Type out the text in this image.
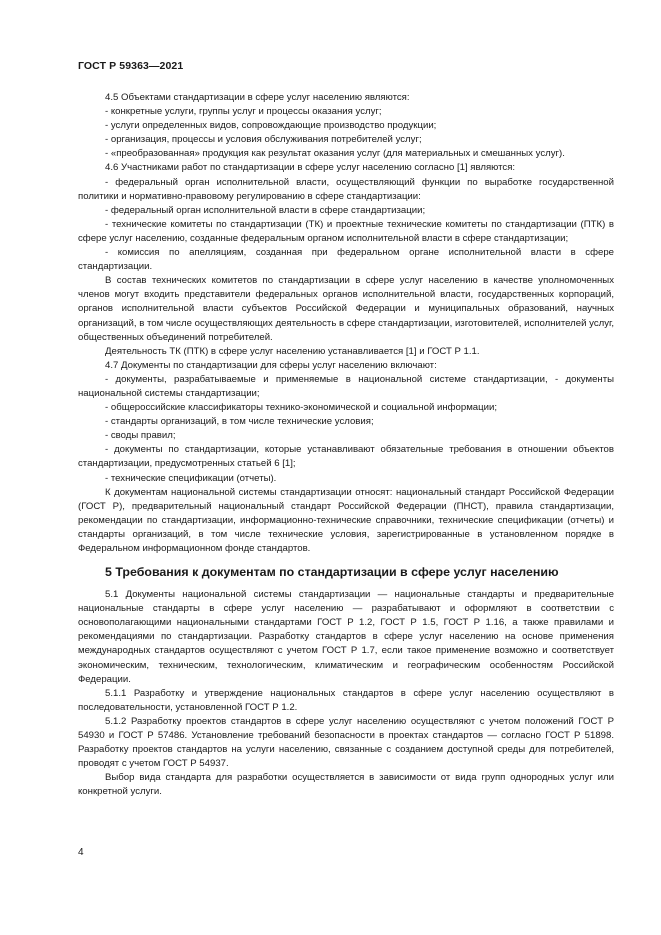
ГОСТ Р 59363—2021

4.5 Объектами стандартизации в сфере услуг населению являются:

- конкретные услуги, группы услуг и процессы оказания услуг;

- услуги определенных видов, сопровождающие производство продукции;

- организация, процессы и условия обслуживания потребителей услуг;

- «преобразованная» продукция как результат оказания услуг (для материальных и смешанных услуг).

4.6 Участниками работ по стандартизации в сфере услуг населению согласно [1] являются:

- федеральный орган исполнительной власти, осуществляющий функции по выработке государственной политики и нормативно-правовому регулированию в сфере стандартизации:

- федеральный орган исполнительной власти в сфере стандартизации;

- технические комитеты по стандартизации (ТК) и проектные технические комитеты по стандартизации (ПТК) в сфере услуг населению, созданные федеральным органом исполнительной власти в сфере стандартизации;

- комиссия по апелляциям, созданная при федеральном органе исполнительной власти в сфере стандартизации.

В состав технических комитетов по стандартизации в сфере услуг населению в качестве уполномоченных членов могут входить представители федеральных органов исполнительной власти, государственных корпораций, органов исполнительной власти субъектов Российской Федерации и муниципальных образований, научных организаций, в том числе осуществляющих деятельность в сфере стандартизации, изготовителей, исполнителей услуг, общественных объединений потребителей.

Деятельность ТК (ПТК) в сфере услуг населению устанавливается [1] и ГОСТ Р 1.1.

4.7 Документы по стандартизации для сферы услуг населению включают:

- документы, разрабатываемые и применяемые в национальной системе стандартизации, - документы национальной системы стандартизации;

- общероссийские классификаторы технико-экономической и социальной информации;

- стандарты организаций, в том числе технические условия;

- своды правил;

- документы по стандартизации, которые устанавливают обязательные требования в отношении объектов стандартизации, предусмотренных статьей 6 [1];

- технические спецификации (отчеты).

К документам национальной системы стандартизации относят: национальный стандарт Российской Федерации (ГОСТ Р), предварительный национальный стандарт Российской Федерации (ПНСТ), правила стандартизации, рекомендации по стандартизации, информационно-технические справочники, технические спецификации (отчеты) и стандарты организаций, в том числе технические условия, зарегистрированные в установленном порядке в Федеральном информационном фонде стандартов.

5 Требования к документам по стандартизации в сфере услуг населению

5.1 Документы национальной системы стандартизации — национальные стандарты и предварительные национальные стандарты в сфере услуг населению — разрабатывают и оформляют в соответствии с основополагающими национальными стандартами ГОСТ Р 1.2, ГОСТ Р 1.5, ГОСТ Р 1.16, а также правилами и рекомендациями по стандартизации. Разработку стандартов в сфере услуг населению на основе применения международных стандартов осуществляют с учетом ГОСТ Р 1.7, если такое применение возможно и соответствует экономическим, техническим, технологическим, климатическим и географическим особенностям Российской Федерации.

5.1.1 Разработку и утверждение национальных стандартов в сфере услуг населению осуществляют в последовательности, установленной ГОСТ Р 1.2.

5.1.2 Разработку проектов стандартов в сфере услуг населению осуществляют с учетом положений ГОСТ Р 54930 и ГОСТ Р 57486. Установление требований безопасности в проектах стандартов — согласно ГОСТ Р 51898. Разработку проектов стандартов на услуги населению, связанные с созданием доступной среды для потребителей, проводят с учетом ГОСТ Р 54937.

Выбор вида стандарта для разработки осуществляется в зависимости от вида групп однородных услуг или конкретной услуги.

4
